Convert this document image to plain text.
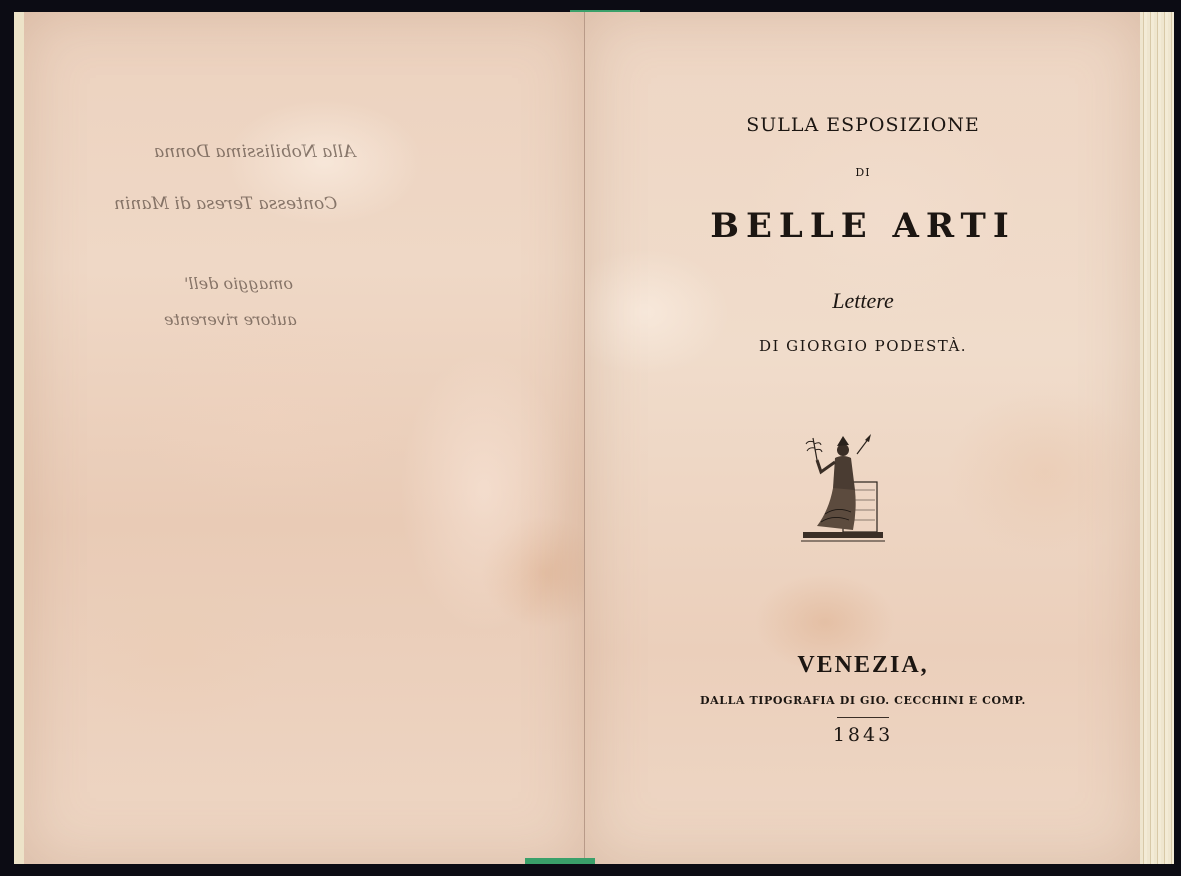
Alla Nobilissima Donna
Contessa Teresa di Manin
omaggio dell'
autore riverente
SULLA ESPOSIZIONE
DI
BELLE ARTI
Lettere
DI GIORGIO PODESTÀ.
VENEZIA,
DALLA TIPOGRAFIA DI GIO. CECCHINI E COMP.
1843
